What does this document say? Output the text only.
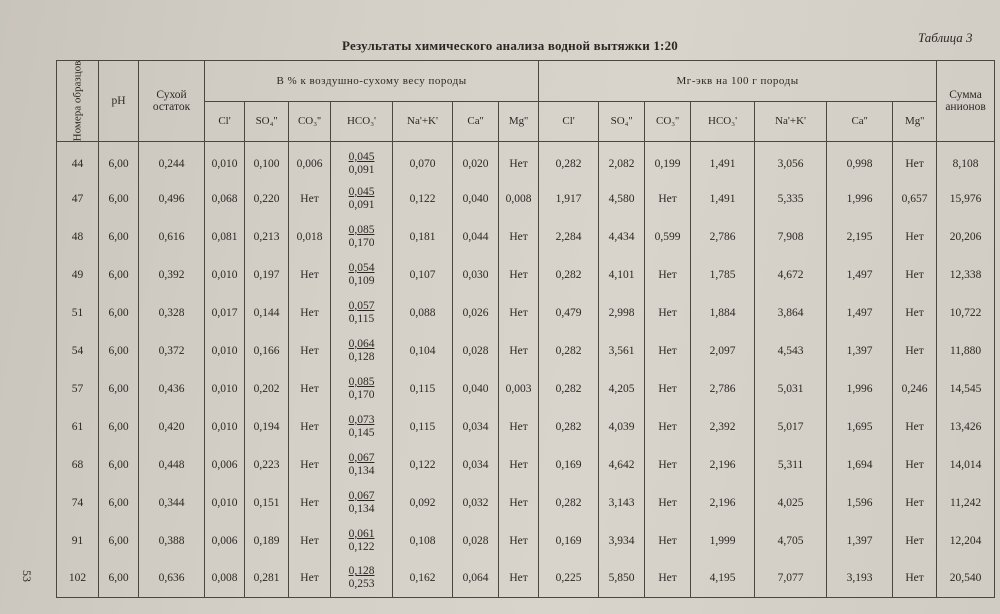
Результаты химического анализа водной вытяжки 1:20
Таблица 3
53
Номера образцов	pH	Сухой остаток	В % к воздушно-сухому весу породы							Мг-экв на 100 г породы							Сумма анионов
			Cl'	SO₄''	CO₃''	HCO₃'	Na'+K'	Ca''	Mg''	Cl'	SO₄''	CO₃''	HCO₃'	Na'+K'	Ca''	Mg''	
44	6,00	0,244	0,010	0,100	0,006	$\frac{0,045}{0,091}$	0,070	0,020	Нет	0,282	2,082	0,199	1,491	3,056	0,998	Нет	8,108
47	6,00	0,496	0,068	0,220	Нет	$\frac{0,045}{0,091}$	0,122	0,040	0,008	1,917	4,580	Нет	1,491	5,335	1,996	0,657	15,976
48	6,00	0,616	0,081	0,213	0,018	$\frac{0,085}{0,170}$	0,181	0,044	Нет	2,284	4,434	0,599	2,786	7,908	2,195	Нет	20,206
49	6,00	0,392	0,010	0,197	Нет	$\frac{0,054}{0,109}$	0,107	0,030	Нет	0,282	4,101	Нет	1,785	4,672	1,497	Нет	12,338
51	6,00	0,328	0,017	0,144	Нет	$\frac{0,057}{0,115}$	0,088	0,026	Нет	0,479	2,998	Нет	1,884	3,864	1,497	Нет	10,722
54	6,00	0,372	0,010	0,166	Нет	$\frac{0,064}{0,128}$	0,104	0,028	Нет	0,282	3,561	Нет	2,097	4,543	1,397	Нет	11,880
57	6,00	0,436	0,010	0,202	Нет	$\frac{0,085}{0,170}$	0,115	0,040	0,003	0,282	4,205	Нет	2,786	5,031	1,996	0,246	14,545
61	6,00	0,420	0,010	0,194	Нет	$\frac{0,073}{0,145}$	0,115	0,034	Нет	0,282	4,039	Нет	2,392	5,017	1,695	Нет	13,426
68	6,00	0,448	0,006	0,223	Нет	$\frac{0,067}{0,134}$	0,122	0,034	Нет	0,169	4,642	Нет	2,196	5,311	1,694	Нет	14,014
74	6,00	0,344	0,010	0,151	Нет	$\frac{0,067}{0,134}$	0,092	0,032	Нет	0,282	3,143	Нет	2,196	4,025	1,596	Нет	11,242
91	6,00	0,388	0,006	0,189	Нет	$\frac{0,061}{0,122}$	0,108	0,028	Нет	0,169	3,934	Нет	1,999	4,705	1,397	Нет	12,204
102	6,00	0,636	0,008	0,281	Нет	$\frac{0,128}{0,253}$	0,162	0,064	Нет	0,225	5,850	Нет	4,195	7,077	3,193	Нет	20,540
